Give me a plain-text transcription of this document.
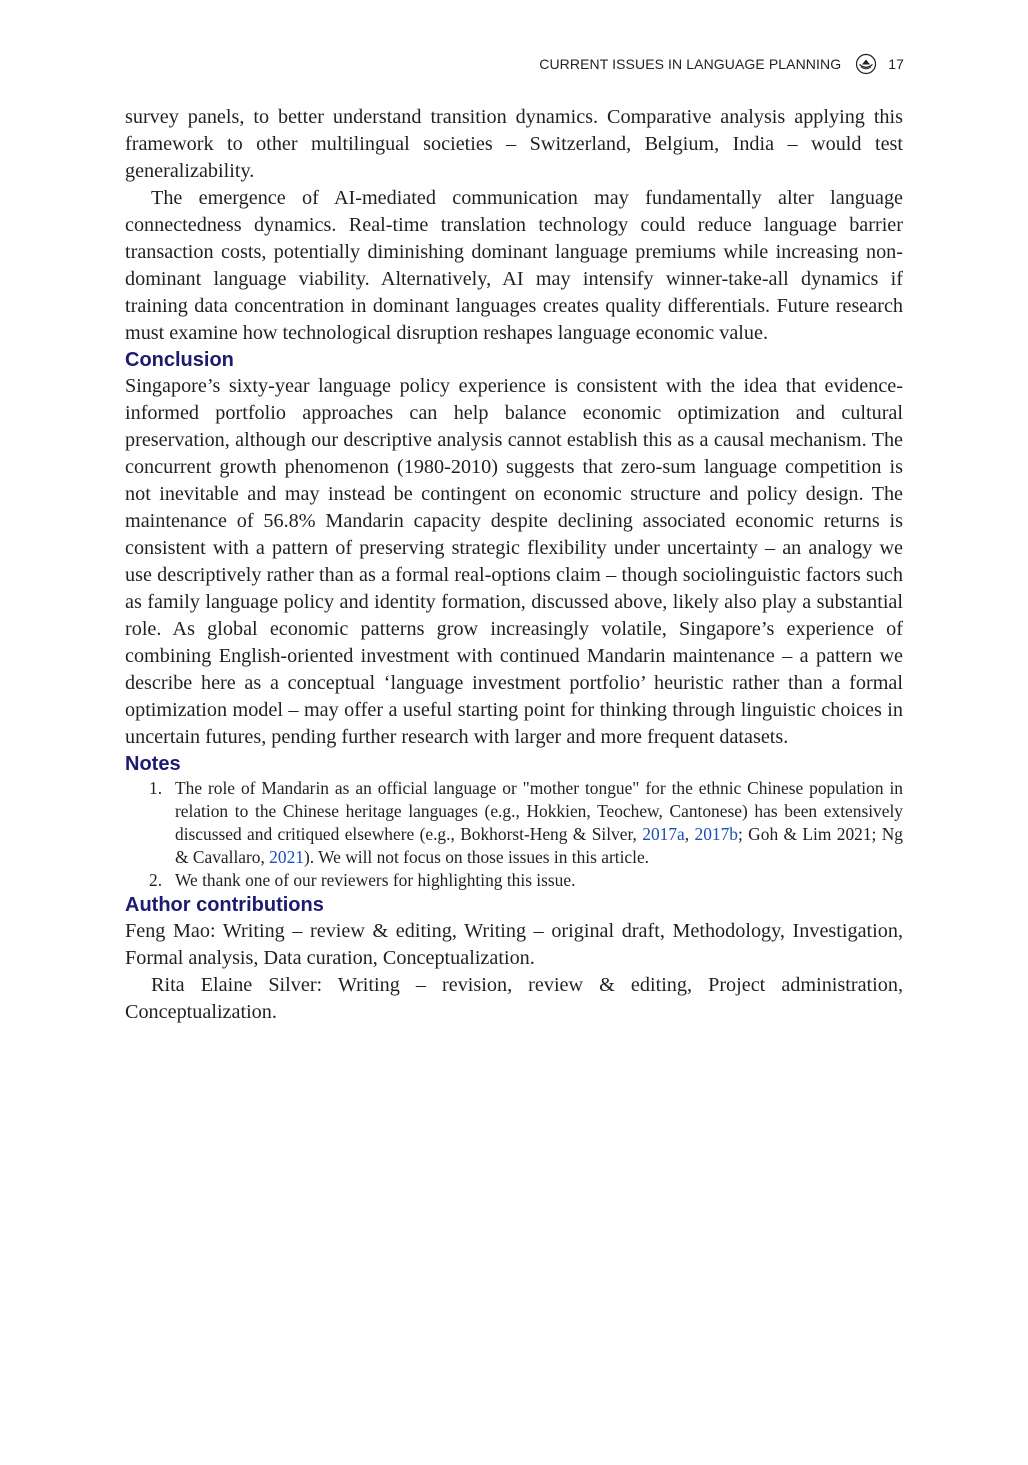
CURRENT ISSUES IN LANGUAGE PLANNING	17

survey panels, to better understand transition dynamics. Comparative analysis applying this framework to other multilingual societies – Switzerland, Belgium, India – would test generalizability.

The emergence of AI-mediated communication may fundamentally alter language connectedness dynamics. Real-time translation technology could reduce language barrier transaction costs, potentially diminishing dominant language premiums while increasing non-dominant language viability. Alternatively, AI may intensify winner-take-all dynamics if training data concentration in dominant languages creates quality differentials. Future research must examine how technological disruption reshapes language economic value.

Conclusion

Singapore’s sixty-year language policy experience is consistent with the idea that evidence-informed portfolio approaches can help balance economic optimization and cultural preservation, although our descriptive analysis cannot establish this as a causal mechanism. The concurrent growth phenomenon (1980-2010) suggests that zero-sum language competition is not inevitable and may instead be contingent on economic structure and policy design. The maintenance of 56.8% Mandarin capacity despite declining associated economic returns is consistent with a pattern of preserving strategic flexibility under uncertainty – an analogy we use descriptively rather than as a formal real-options claim – though sociolinguistic factors such as family language policy and identity formation, discussed above, likely also play a substantial role. As global economic patterns grow increasingly volatile, Singapore’s experience of combining English-oriented investment with continued Mandarin maintenance – a pattern we describe here as a conceptual ‘language investment portfolio’ heuristic rather than a formal optimization model – may offer a useful starting point for thinking through linguistic choices in uncertain futures, pending further research with larger and more frequent datasets.

Notes
1. The role of Mandarin as an official language or "mother tongue" for the ethnic Chinese population in relation to the Chinese heritage languages (e.g., Hokkien, Teochew, Cantonese) has been extensively discussed and critiqued elsewhere (e.g., Bokhorst-Heng & Silver, 2017a, 2017b; Goh & Lim 2021; Ng & Cavallaro, 2021). We will not focus on those issues in this article.
2. We thank one of our reviewers for highlighting this issue.
Author contributions

Feng Mao: Writing – review & editing, Writing – original draft, Methodology, Investigation, Formal analysis, Data curation, Conceptualization.

Rita Elaine Silver: Writing – revision, review & editing, Project administration, Conceptualization.
